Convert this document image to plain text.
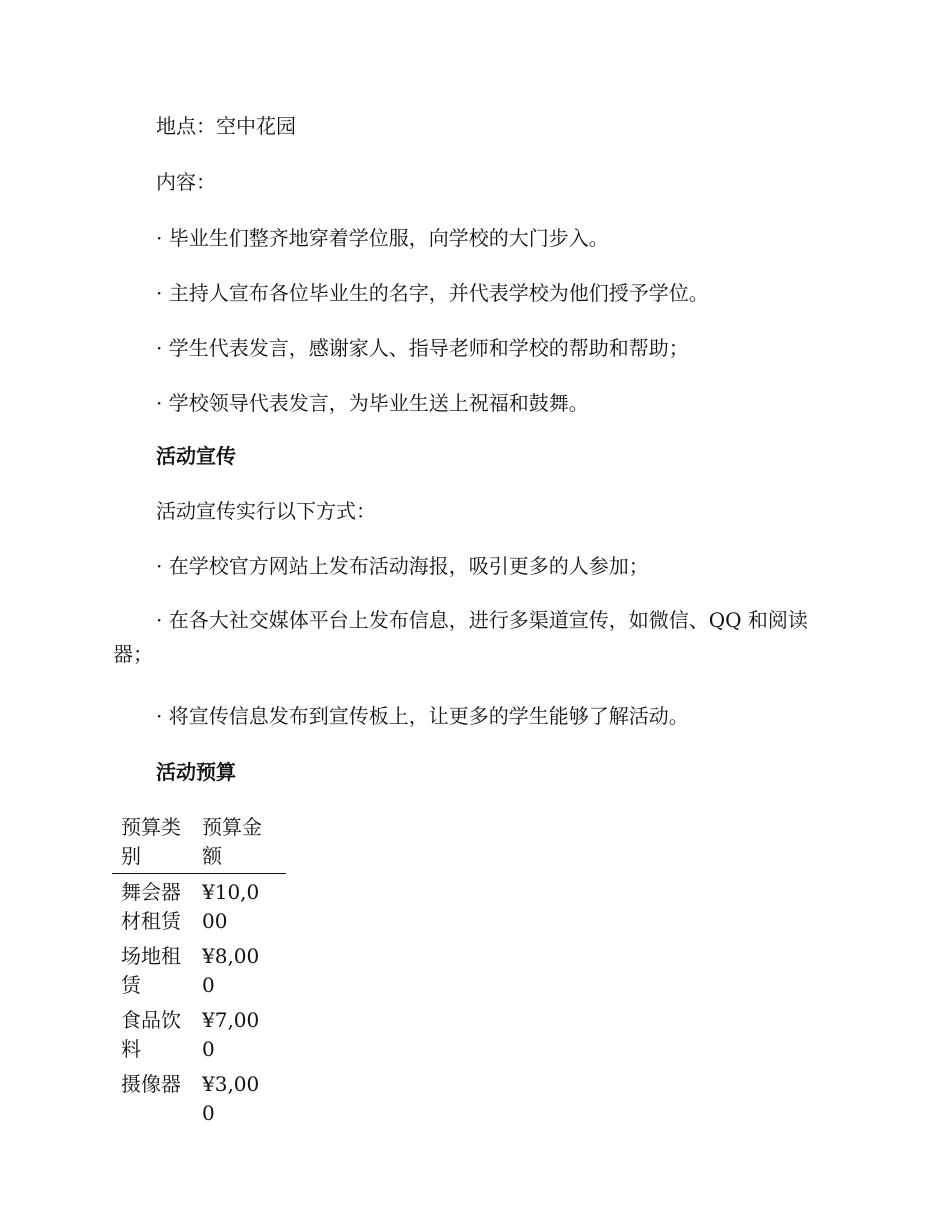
地点：空中花园

内容：

· 毕业生们整齐地穿着学位服，向学校的大门步入。

· 主持人宣布各位毕业生的名字，并代表学校为他们授予学位。

· 学生代表发言，感谢家人、指导老师和学校的帮助和帮助；

· 学校领导代表发言，为毕业生送上祝福和鼓舞。

活动宣传

活动宣传实行以下方式：

· 在学校官方网站上发布活动海报，吸引更多的人参加；

· 在各大社交媒体平台上发布信息，进行多渠道宣传，如微信、QQ 和阅读器；

· 将宣传信息发布到宣传板上，让更多的学生能够了解活动。

活动预算
预算类别	预算金额

舞会器材租赁	¥10,000

场地租赁	¥8,000

食品饮料	¥7,000

摄像器	¥3,000
